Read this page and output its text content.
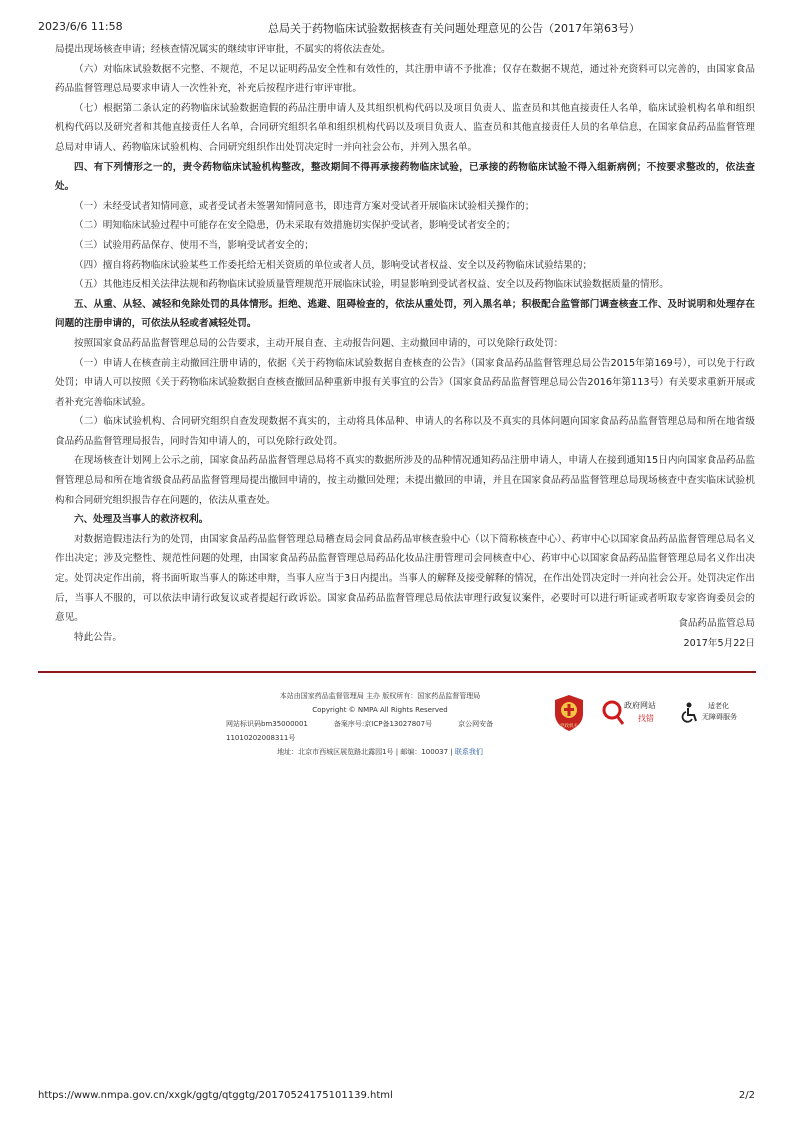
2023/6/6 11:58	总局关于药物临床试验数据核查有关问题处理意见的公告（2017年第63号）

局提出现场核查申请；经核查情况属实的继续审评审批，不属实的将依法查处。

（六）对临床试验数据不完整、不规范，不足以证明药品安全性和有效性的，其注册申请不予批准；仅存在数据不规范，通过补充资料可以完善的，由国家食品药品监督管理总局要求申请人一次性补充，补充后按程序进行审评审批。

（七）根据第二条认定的药物临床试验数据造假的药品注册申请人及其组织机构代码以及项目负责人、监查员和其他直接责任人名单，临床试验机构名单和组织机构代码以及研究者和其他直接责任人名单，合同研究组织名单和组织机构代码以及项目负责人、监查员和其他直接责任人员的名单信息，在国家食品药品监督管理总局对申请人、药物临床试验机构、合同研究组织作出处罚决定时一并向社会公布，并列入黑名单。

四、有下列情形之一的，责令药物临床试验机构整改，整改期间不得再承接药物临床试验，已承接的药物临床试验不得入组新病例；不按要求整改的，依法查处。

（一）未经受试者知情同意，或者受试者未签署知情同意书，即违背方案对受试者开展临床试验相关操作的；

（二）明知临床试验过程中可能存在安全隐患，仍未采取有效措施切实保护受试者，影响受试者安全的；

（三）试验用药品保存、使用不当，影响受试者安全的；

（四）擅自将药物临床试验某些工作委托给无相关资质的单位或者人员，影响受试者权益、安全以及药物临床试验结果的；

（五）其他违反相关法律法规和药物临床试验质量管理规范开展临床试验，明显影响到受试者权益、安全以及药物临床试验数据质量的情形。

五、从重、从轻、减轻和免除处罚的具体情形。拒绝、逃避、阻碍检查的，依法从重处罚，列入黑名单；积极配合监管部门调查核查工作、及时说明和处理存在问题的注册申请的，可依法从轻或者减轻处罚。

按照国家食品药品监督管理总局的公告要求，主动开展自查、主动报告问题、主动撤回申请的，可以免除行政处罚：

（一）申请人在核查前主动撤回注册申请的，依据《关于药物临床试验数据自查核查的公告》（国家食品药品监督管理总局公告2015年第169号），可以免于行政处罚；申请人可以按照《关于药物临床试验数据自查核查撤回品种重新申报有关事宜的公告》（国家食品药品监督管理总局公告2016年第113号）有关要求重新开展或者补充完善临床试验。

（二）临床试验机构、合同研究组织自查发现数据不真实的，主动将具体品种、申请人的名称以及不真实的具体问题向国家食品药品监督管理总局和所在地省级食品药品监督管理局报告，同时告知申请人的，可以免除行政处罚。

在现场核查计划网上公示之前，国家食品药品监督管理总局将不真实的数据所涉及的品种情况通知药品注册申请人，申请人在接到通知15日内向国家食品药品监督管理总局和所在地省级食品药品监督管理局提出撤回申请的，按主动撤回处理；未提出撤回的申请，并且在国家食品药品监督管理总局现场核查中查实临床试验机构和合同研究组织报告存在问题的，依法从重查处。

六、处理及当事人的救济权利。

对数据造假违法行为的处罚，由国家食品药品监督管理总局稽查局会同食品药品审核查验中心（以下简称核查中心）、药审中心以国家食品药品监督管理总局名义作出决定；涉及完整性、规范性问题的处理，由国家食品药品监督管理总局药品化妆品注册管理司会同核查中心、药审中心以国家食品药品监督管理总局名义作出决定。处罚决定作出前，将书面听取当事人的陈述申辩，当事人应当于3日内提出。当事人的解释及接受解释的情况，在作出处罚决定时一并向社会公开。处罚决定作出后，当事人不服的，可以依法申请行政复议或者提起行政诉讼。国家食品药品监督管理总局依法审理行政复议案件，必要时可以进行听证或者听取专家咨询委员会的意见。

特此公告。

食品药品监管总局
2017年5月22日
本站由国家药品监督管理局 主办 版权所有：国家药品监督管理局
Copyright © NMPA All Rights Reserved
网站标识码bm35000001	备案序号:京ICP备13027807号	京公网安备11010202008311号
地址：北京市西城区展览路北露园1号 | 邮编：100037 | 联系我们
党政机关
政府网站
找错
适老化
无障碍服务
https://www.nmpa.gov.cn/xxgk/ggtg/qtggtg/20170524175101139.html	2/2
